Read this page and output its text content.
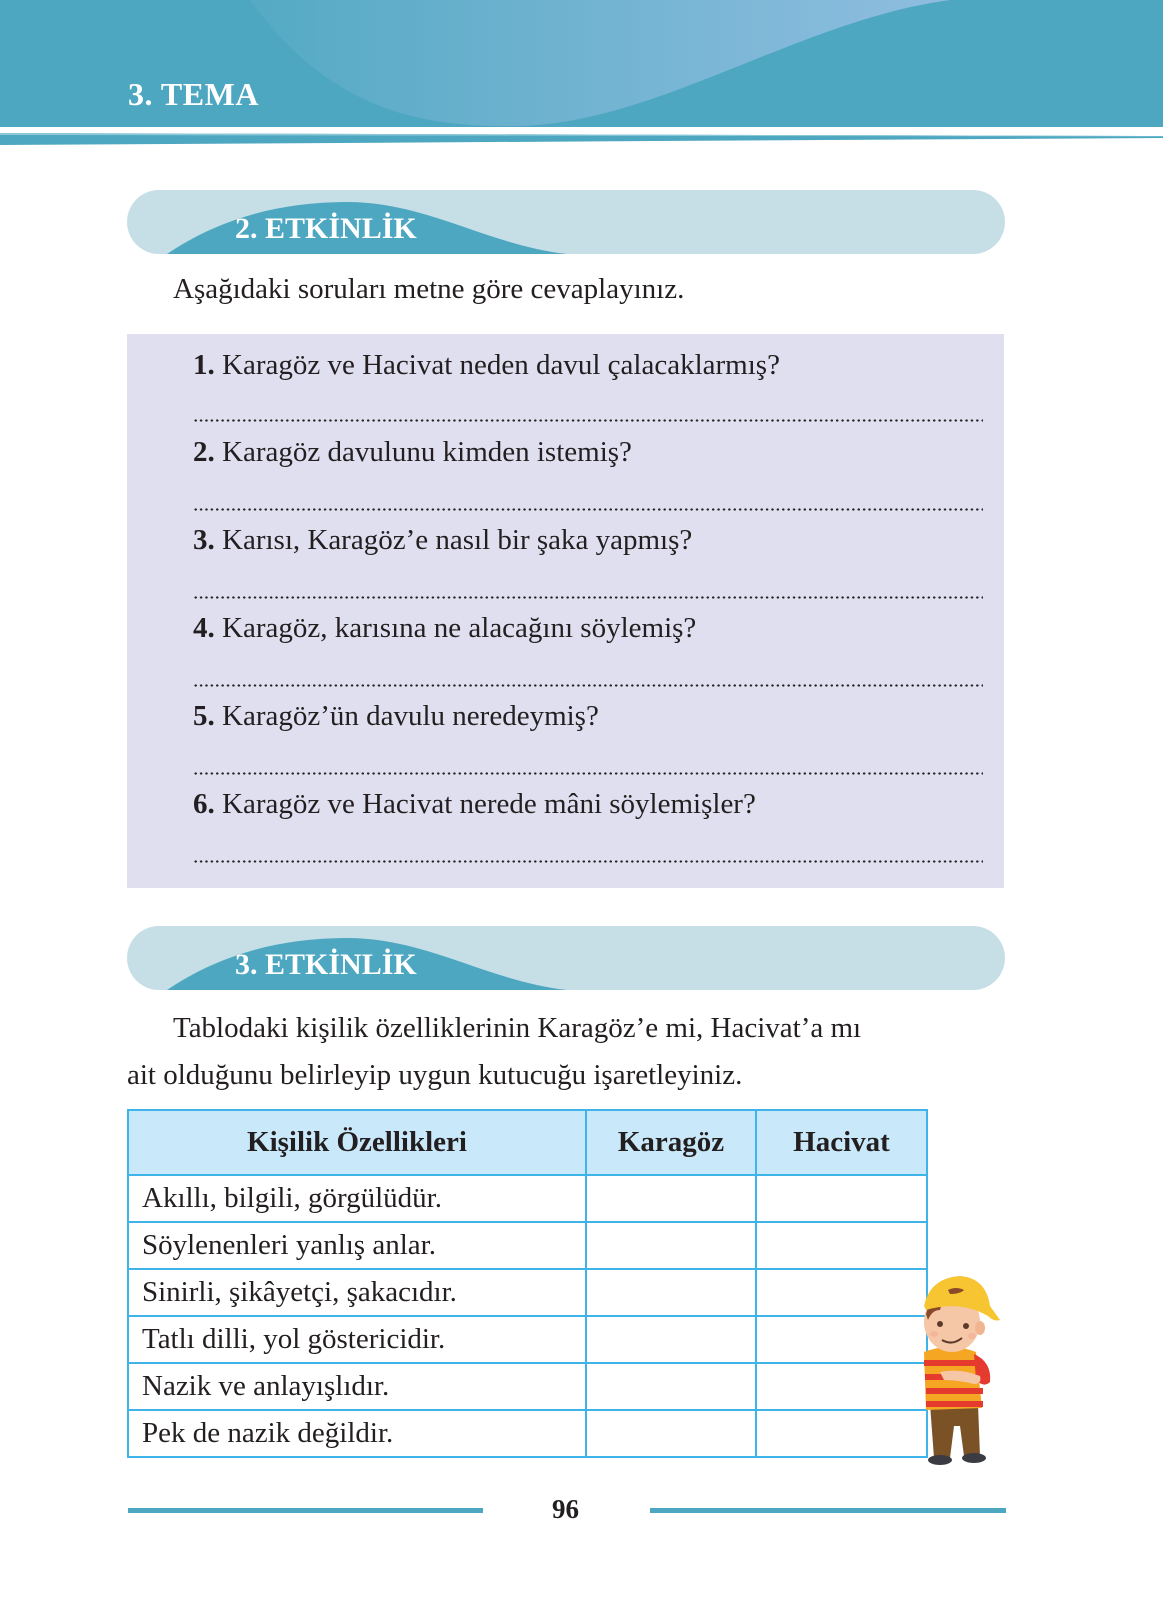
3. TEMA
2. ETKİNLİK
Aşağıdaki soruları metne göre cevaplayınız.
1. Karagöz ve Hacivat neden davul çalacaklarmış?
2. Karagöz davulunu kimden istemiş?
3. Karısı, Karagöz’e nasıl bir şaka yapmış?
4. Karagöz, karısına ne alacağını söylemiş?
5. Karagöz’ün davulu neredeymiş?
6. Karagöz ve Hacivat nerede mâni söylemişler?
3. ETKİNLİK
Tablodaki kişilik özelliklerinin Karagöz’e mi, Hacivat’a mı
ait olduğunu belirleyip uygun kutucuğu işaretleyiniz.
Kişilik Özellikleri	Karagöz	Hacivat
Akıllı, bilgili, görgülüdür.		
Söylenenleri yanlış anlar.		
Sinirli, şikâyetçi, şakacıdır.		
Tatlı dilli, yol göstericidir.		
Nazik ve anlayışlıdır.		
Pek de nazik değildir.		
96
